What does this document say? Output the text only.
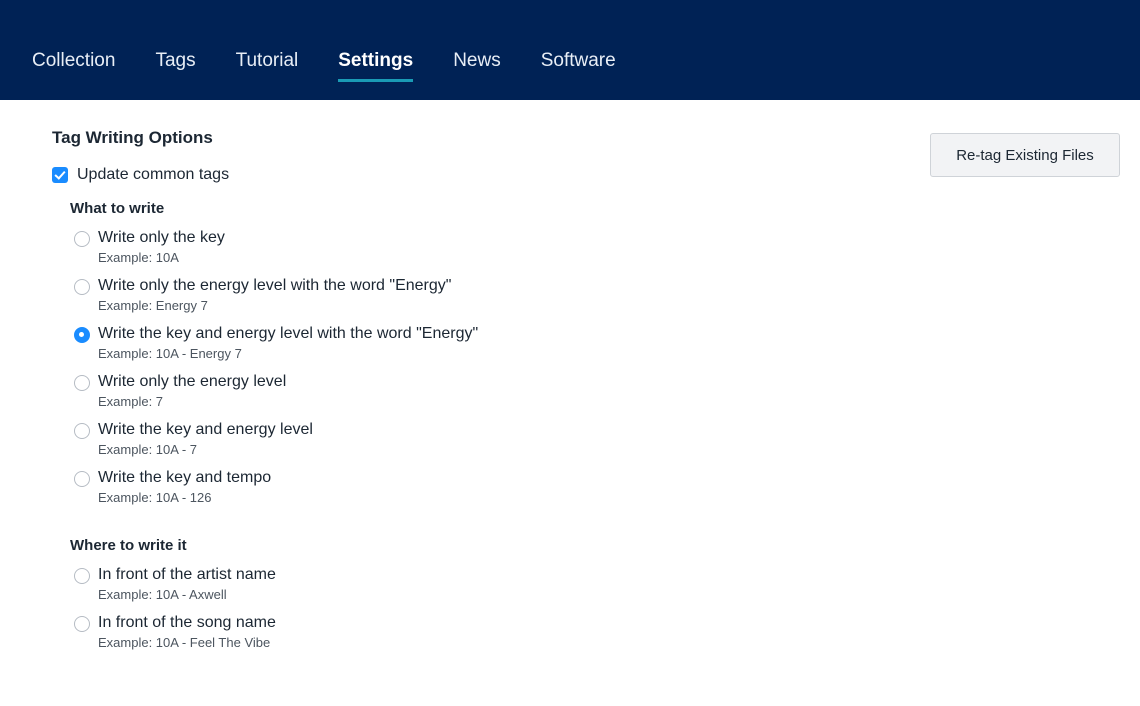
Collection	Tags	Tutorial	Settings	News	Software
Tag Writing Options
Re-tag Existing Files
Update common tags
What to write
Write only the key
Example: 10A
Write only the energy level with the word "Energy"
Example: Energy 7
Write the key and energy level with the word "Energy"
Example: 10A - Energy 7
Write only the energy level
Example: 7
Write the key and energy level
Example: 10A - 7
Write the key and tempo
Example: 10A - 126
Where to write it
In front of the artist name
Example: 10A - Axwell
In front of the song name
Example: 10A - Feel The Vibe
